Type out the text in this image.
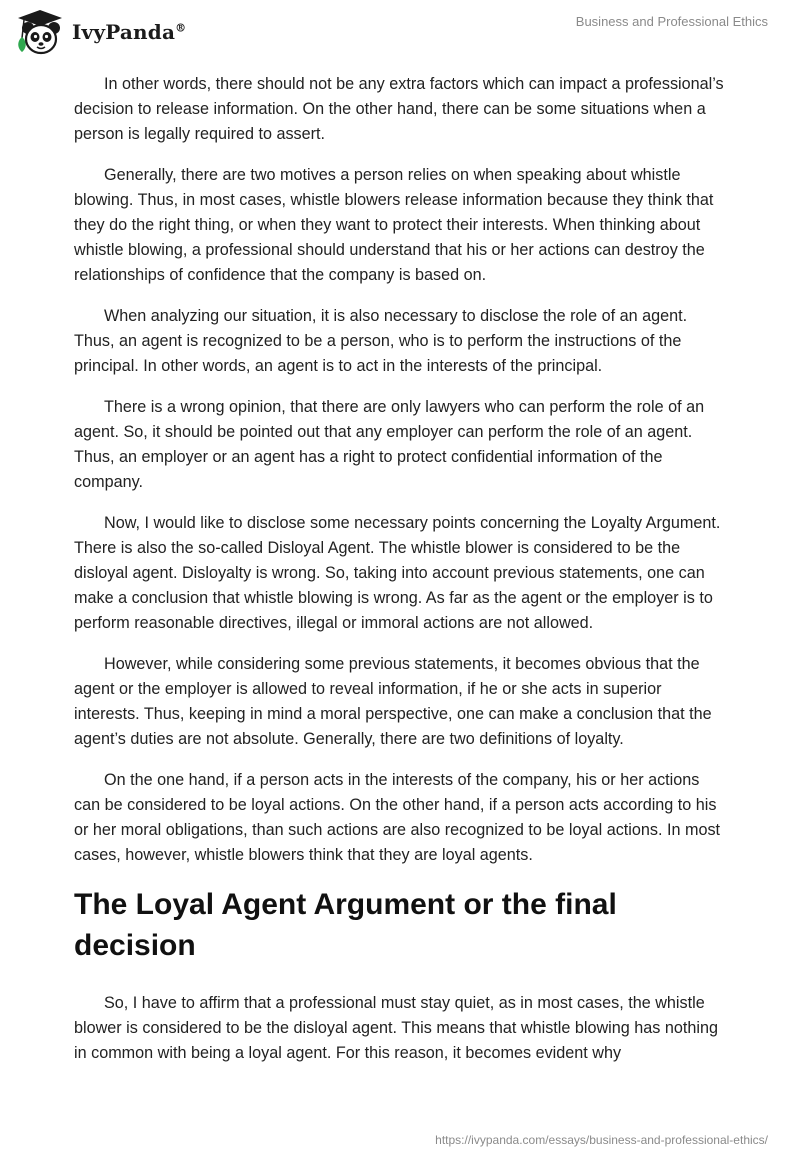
IvyPanda®	Business and Professional Ethics

In other words, there should not be any extra factors which can impact a professional’s decision to release information. On the other hand, there can be some situations when a person is legally required to assert.

Generally, there are two motives a person relies on when speaking about whistle blowing. Thus, in most cases, whistle blowers release information because they think that they do the right thing, or when they want to protect their interests. When thinking about whistle blowing, a professional should understand that his or her actions can destroy the relationships of confidence that the company is based on.

When analyzing our situation, it is also necessary to disclose the role of an agent. Thus, an agent is recognized to be a person, who is to perform the instructions of the principal. In other words, an agent is to act in the interests of the principal.

There is a wrong opinion, that there are only lawyers who can perform the role of an agent. So, it should be pointed out that any employer can perform the role of an agent. Thus, an employer or an agent has a right to protect confidential information of the company.

Now, I would like to disclose some necessary points concerning the Loyalty Argument. There is also the so-called Disloyal Agent. The whistle blower is considered to be the disloyal agent. Disloyalty is wrong. So, taking into account previous statements, one can make a conclusion that whistle blowing is wrong. As far as the agent or the employer is to perform reasonable directives, illegal or immoral actions are not allowed.

However, while considering some previous statements, it becomes obvious that the agent or the employer is allowed to reveal information, if he or she acts in superior interests. Thus, keeping in mind a moral perspective, one can make a conclusion that the agent’s duties are not absolute. Generally, there are two definitions of loyalty.

On the one hand, if a person acts in the interests of the company, his or her actions can be considered to be loyal actions. On the other hand, if a person acts according to his or her moral obligations, than such actions are also recognized to be loyal actions. In most cases, however, whistle blowers think that they are loyal agents.

The Loyal Agent Argument or the final decision

So, I have to affirm that a professional must stay quiet, as in most cases, the whistle blower is considered to be the disloyal agent. This means that whistle blowing has nothing in common with being a loyal agent. For this reason, it becomes evident why

https://ivypanda.com/essays/business-and-professional-ethics/
